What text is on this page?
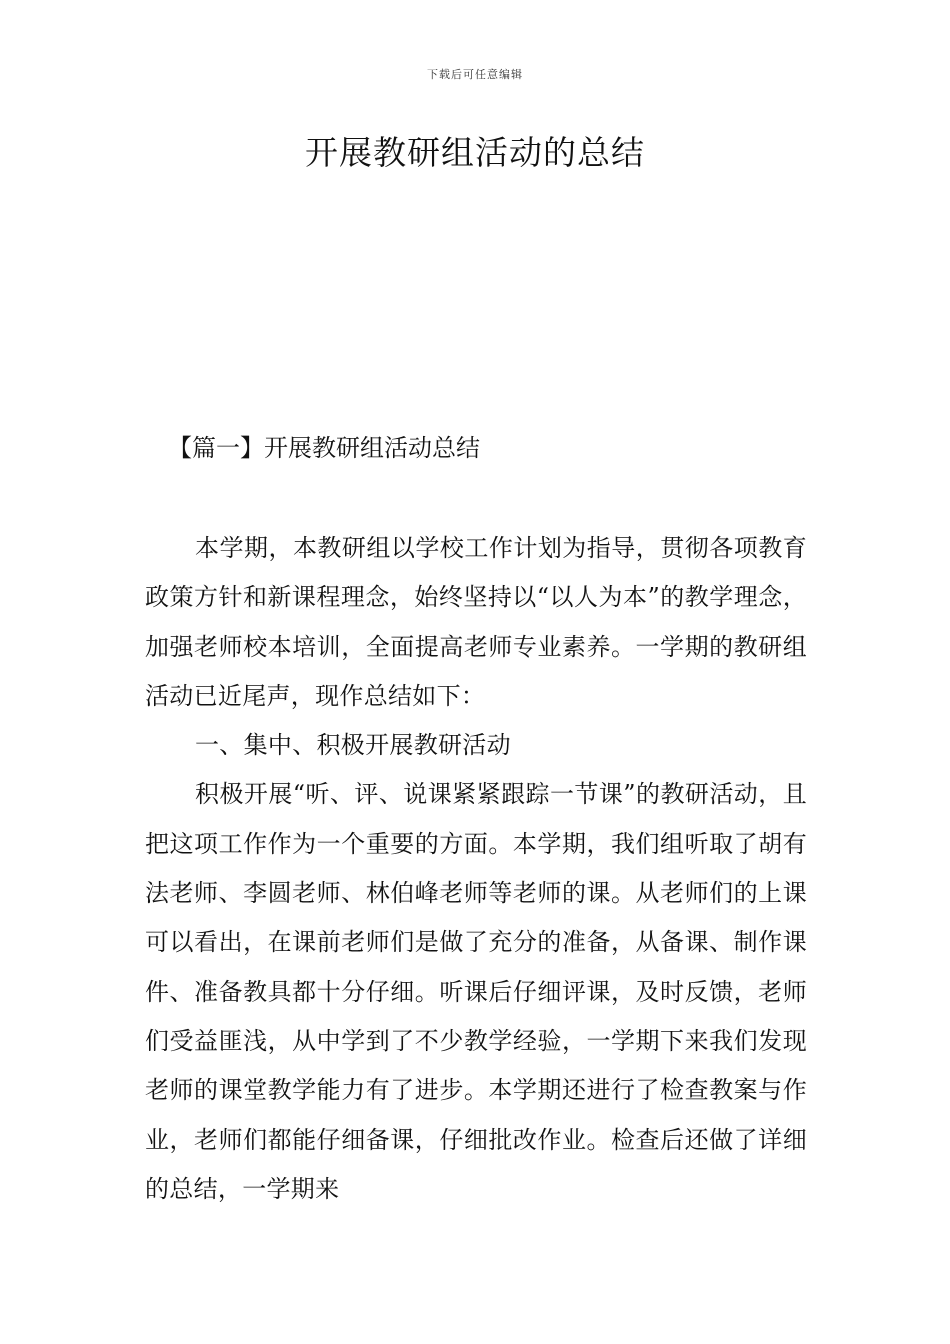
下载后可任意编辑
开展教研组活动的总结
【篇一】开展教研组活动总结

本学期，本教研组以学校工作计划为指导，贯彻各项教育政策方针和新课程理念，始终坚持以“以人为本”的教学理念，加强老师校本培训，全面提高老师专业素养。一学期的教研组活动已近尾声，现作总结如下：

一、集中、积极开展教研活动

积极开展“听、评、说课紧紧跟踪一节课”的教研活动，且把这项工作作为一个重要的方面。本学期，我们组听取了胡有法老师、李圆老师、林伯峰老师等老师的课。从老师们的上课可以看出，在课前老师们是做了充分的准备，从备课、制作课件、准备教具都十分仔细。听课后仔细评课，及时反馈，老师们受益匪浅，从中学到了不少教学经验，一学期下来我们发现老师的课堂教学能力有了进步。本学期还进行了检查教案与作业，老师们都能仔细备课，仔细批改作业。检查后还做了详细的总结，一学期来
